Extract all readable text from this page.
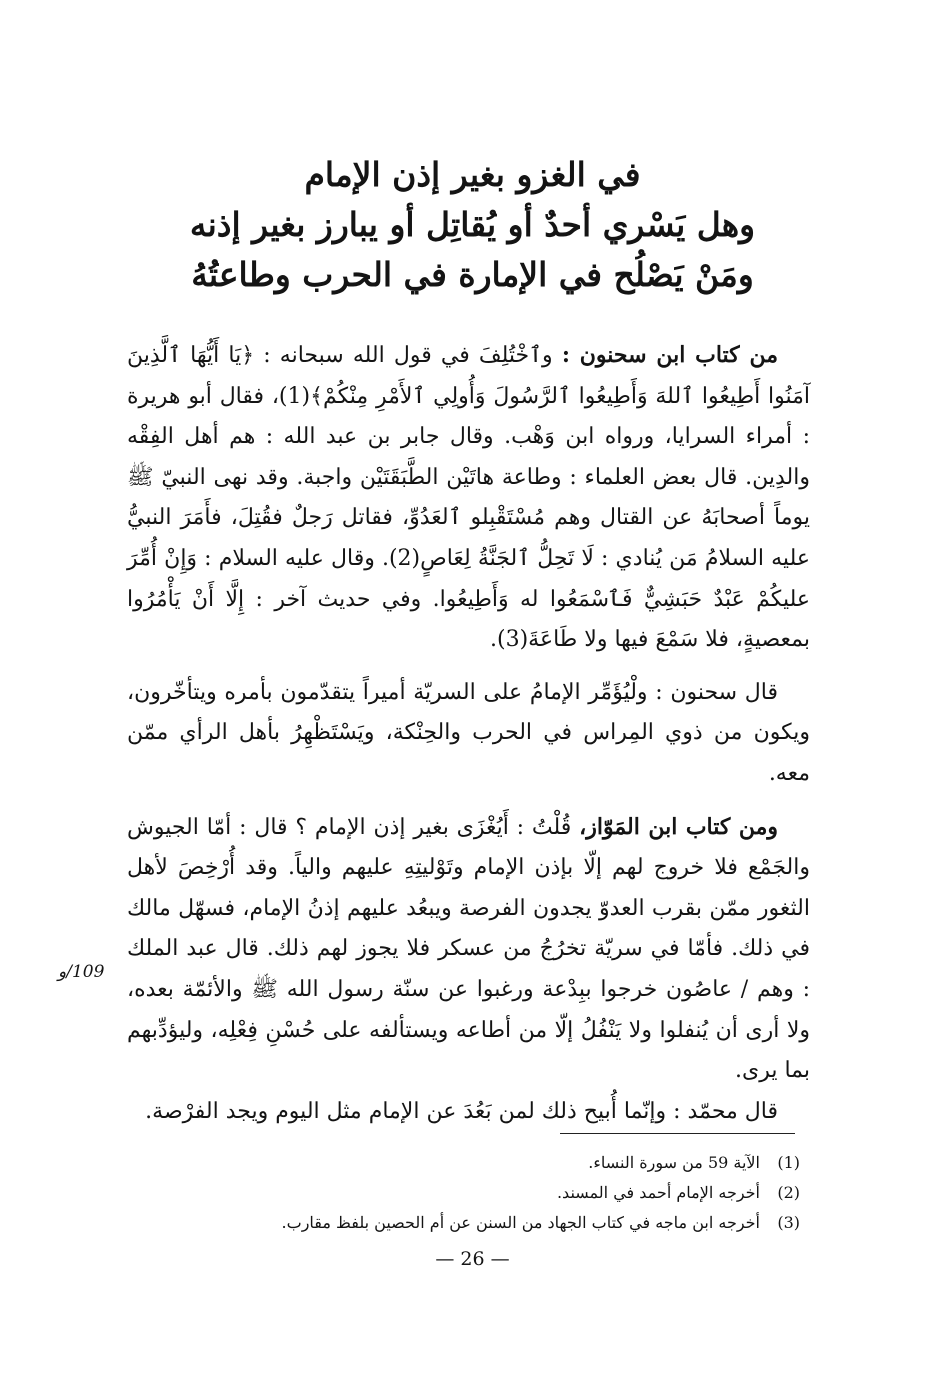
في الغزو بغير إذن الإمام
وهل يَسْري أحدٌ أو يُقاتِل أو يبارز بغير إذنه
ومَنْ يَصْلُح في الإمارة في الحرب وطاعتُهُ

من كتاب ابن سحنون : وٱخْتُلِفَ في قول الله سبحانه : ﴿يَا أَيُّهَا ٱلَّذِينَ آمَنُوا أَطِيعُوا ٱللهَ وَأَطِيعُوا ٱلرَّسُولَ وَأُولِي ٱلأَمْرِ مِنْكُمْ﴾(1)، فقال أبو هريرة : أمراء السرايا، ورواه ابن وَهْب. وقال جابر بن عبد الله : هم أهل الفِقْه والدِين. قال بعض العلماء : وطاعة هاتَيْن الطَّبَقَتَيْن واجبة. وقد نهى النبيّ ﷺ يوماً أصحابَهُ عن القتال وهم مُسْتَقْبِلو ٱلعَدُوِّ، فقاتل رَجلٌ فقُتِلَ، فأَمَرَ النبيُّ عليه السلامُ مَن يُنادي : لَا تَحِلُّ ٱلجَنَّةُ لِعَاصٍ(2). وقال عليه السلام : وَإِنْ أُمِّرَ عليكُمْ عَبْدٌ حَبَشِيٌّ فَٱسْمَعُوا له وَأَطِيعُوا. وفي حديث آخر : إِلَّا أَنْ يَأْمُرُوا بمعصيةٍ، فلا سَمْعَ فيها ولا طَاعَةَ(3).

قال سحنون : ولْيُؤَمِّر الإمامُ على السريّة أميراً يتقدّمون بأمره ويتأخّرون، ويكون من ذوي المِراس في الحرب والحِنْكة، ويَسْتَظْهِرُ بأهل الرأي ممّن معه.

ومن كتاب ابن المَوّاز، قُلْتُ : أَيُغْزَى بغير إذن الإمام ؟ قال : أمّا الجيوش والجَمْع فلا خروج لهم إلّا بإذن الإمام وتَوْليتِهِ عليهم والياً. وقد أُرْخِصَ لأهل الثغور ممّن بقرب العدوّ يجدون الفرصة ويبعُد عليهم إذنُ الإمام، فسهّل مالك في ذلك. فأمّا في سريّة تخرُجُ من عسكر فلا يجوز لهم ذلك. قال عبد الملك : وهم / عاصُون خرجوا ببِدْعة ورغبوا عن سنّة رسول الله ﷺ والأئمّة بعده، ولا أرى أن يُنفلوا ولا يَنْفُلُ إلّا من أطاعه ويستألفه على حُسْنِ فِعْلِه، وليؤدِّبهم بما يرى.

قال محمّد : وإنّما أُبيح ذلك لمن بَعُدَ عن الإمام مثل اليوم ويجد الفرْصة.

109/و
(1)الآية 59 من سورة النساء.
(2)أخرجه الإمام أحمد في المسند.
(3)أخرجه ابن ماجه في كتاب الجهاد من السنن عن أم الحصين بلفظ مقارب.
— 26 —
